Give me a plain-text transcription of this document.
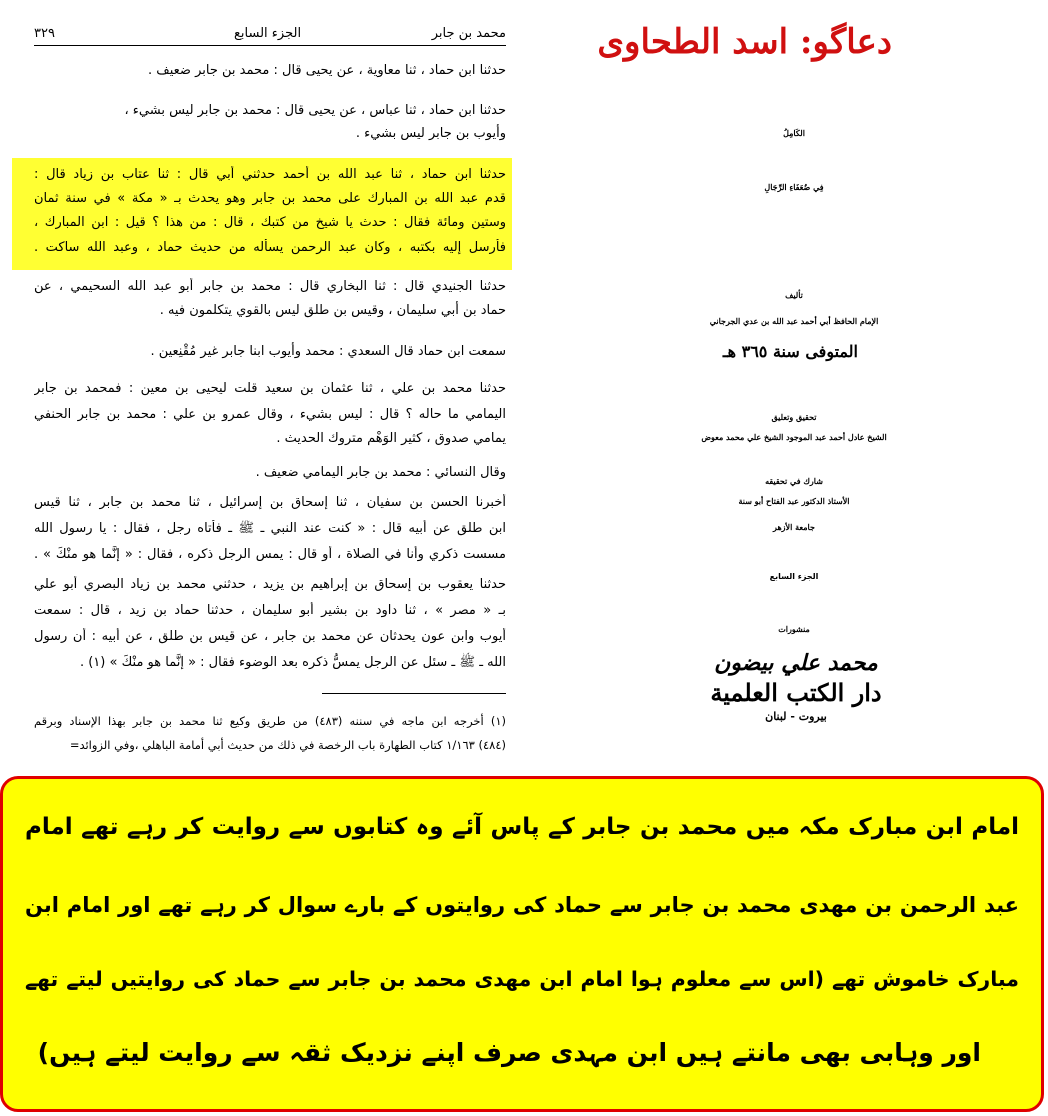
٣٢٩	الجزء السابع	محمد بن جابر
حدثنا ابن حماد ، ثنا معاوية ، عن يحيى قال : محمد بن جابر ضعيف .
حدثنا ابن حماد ، ثنا عباس ، عن يحيى قال : محمد بن جابر ليس بشيء ،
وأيوب بن جابر ليس بشيء .
حدثنا ابن حماد ، ثنا عبد الله بن أحمد حدثني أبي قال : ثنا عتاب بن زياد قال :
قدم عبد الله بن المبارك على محمد بن جابر وهو يحدث بـ « مكة » في سنة ثمان
وستين ومائة فقال : حدث يا شيخ من كتبك ، قال : من هذا ؟ قيل : ابن المبارك ،
فأرسل إليه بكتبه ، وكان عبد الرحمن يسأله من حديث حماد ، وعبد الله ساكت .
حدثنا الجنيدي قال : ثنا البخاري قال : محمد بن جابر أبو عبد الله السحيمي ، عن
حماد بن أبي سليمان ، وقيس بن طلق ليس بالقوي يتكلمون فيه .
سمعت ابن حماد قال السعدي : محمد وأيوب ابنا جابر غير مُقْنِعين .
حدثنا محمد بن علي ، ثنا عثمان بن سعيد قلت ليحيى بن معين : فمحمد بن جابر
اليمامي ما حاله ؟ قال : ليس بشيء ، وقال عمرو بن علي : محمد بن جابر الحنفي
يمامي صدوق ، كثير الوَهْم متروك الحديث .
وقال النسائي : محمد بن جابر اليمامي ضعيف .
أخبرنا الحسن بن سفيان ، ثنا إسحاق بن إسرائيل ، ثنا محمد بن جابر ، ثنا قيس
ابن طلق عن أبيه قال : « كنت عند النبي ـ ﷺ ـ فأتاه رجل ، فقال : يا رسول الله
مسست ذكري وأنا في الصلاة ، أو قال : يمس الرجل ذكره ، فقال : « إنَّما هو منْكَ » .
حدثنا يعقوب بن إسحاق بن إبراهيم بن يزيد ، حدثني محمد بن زياد البصري أبو علي
بـ « مصر » ، ثنا داود بن بشير أبو سليمان ، حدثنا حماد بن زيد ، قال : سمعت
أيوب وابن عون يحدثان عن محمد بن جابر ، عن قيس بن طلق ، عن أبيه : أن رسول
الله ـ ﷺ ـ سئل عن الرجل يمسُّ ذكره بعد الوضوء فقال : « إنَّما هو منْكَ » (١) .
(١) أخرجه ابن ماجه في سننه (٤٨٣) من طريق وكيع ثنا محمد بن جابر بهذا الإسناد وبرقم
(٤٨٤) ١/١٦٣ كتاب الطهارة باب الرخصة في ذلك من حديث أبي أمامة الباهلي ،وفي الزوائد=
دعاگو: اسد الطحاوی
الكَامِلُ
فِي ضُعَفَاءِ الرِّجَالِ
تأليف
الإمام الحافظ أبي أحمد عبد الله بن عدي الجرجاني
المتوفى سنة ٣٦٥ هـ
تحقيق وتعليق
الشيخ عادل أحمد عبد الموجود الشيخ علي محمد معوض
شارك في تحقيقه
الأستاذ الدكتور عبد الفتاح أبو سنة
جامعة الأزهر
الجزء السابع
منشورات
محمد علي بيضون
دار الكتب العلمية
بيروت - لبنان
امام ابن مبارک مکہ میں محمد بن جابر کے پاس آئے وہ کتابوں سے روایت کر رہے تھے امام
عبد الرحمن بن مھدی محمد بن جابر سے حماد کی روایتوں کے بارے سوال کر رہے تھے اور امام ابن
مبارک خاموش تھے (اس سے معلوم ہوا امام ابن مھدی محمد بن جابر سے حماد کی روایتیں لیتے تھے
اور وہابی بھی مانتے ہیں ابن مہدی صرف اپنے نزدیک ثقہ سے روایت لیتے ہیں)
